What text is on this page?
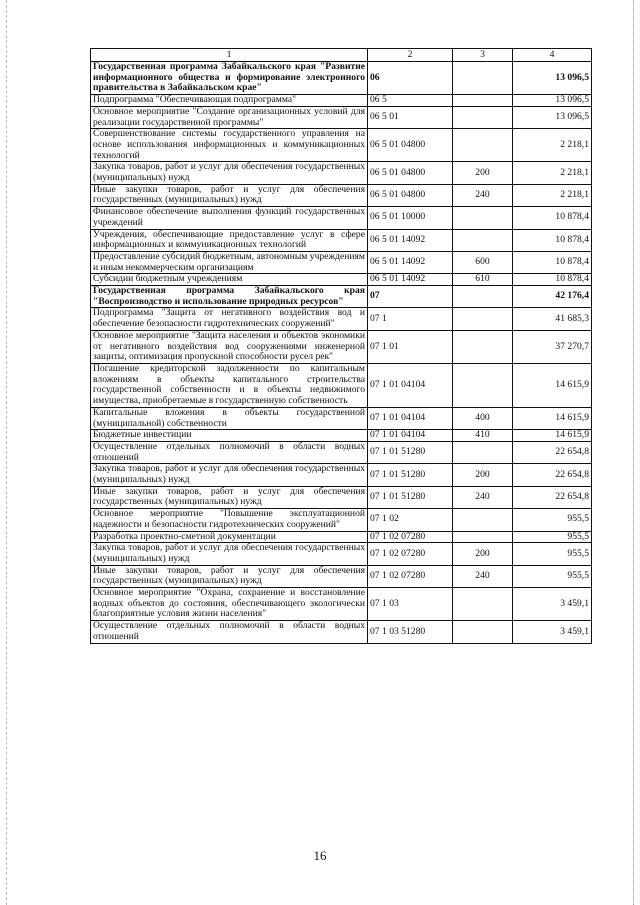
1	2	3	4
Государственная программа Забайкальского края "Развитие информационного общества и формирование электронного правительства в Забайкальском крае"	06		13 096,5
Подпрограмма "Обеспечивающая подпрограмма"	06 5		13 096,5
Основное мероприятие "Создание организационных условий для реализации государственной программы"	06 5 01		13 096,5
Совершенствование системы государственного управления на основе использования информационных и коммуникационных технологий	06 5 01 04800		2 218,1
Закупка товаров, работ и услуг для обеспечения государственных (муниципальных) нужд	06 5 01 04800	200	2 218,1
Иные закупки товаров, работ и услуг для обеспечения государственных (муниципальных) нужд	06 5 01 04800	240	2 218,1
Финансовое обеспечение выполнения функций государственных учреждений	06 5 01 10000		10 878,4
Учреждения, обеспечивающие предоставление услуг в сфере информационных и коммуникационных технологий	06 5 01 14092		10 878,4
Предоставление субсидий бюджетным, автономным учреждениям и иным некоммерческим организациям	06 5 01 14092	600	10 878,4
Субсидии бюджетным учреждениям	06 5 01 14092	610	10 878,4
Государственная программа Забайкальского края "Воспроизводство и использование природных ресурсов"	07		42 176,4
Подпрограмма "Защита от негативного воздействия вод и обеспечение безопасности гидротехнических сооружений"	07 1		41 685,3
Основное мероприятие "Защита населения и объектов экономики от негативного воздействия вод сооружениями инженерной защиты, оптимизация пропускной способности русел рек"	07 1 01		37 270,7
Погашение кредиторской задолженности по капитальным вложениям в объекты капитального строительства государственной собственности и в объекты недвижимого имущества, приобретаемые в государственную собственность	07 1 01 04104		14 615,9
Капитальные вложения в объекты государственной (муниципальной) собственности	07 1 01 04104	400	14 615,9
Бюджетные инвестиции	07 1 01 04104	410	14 615,9
Осуществление отдельных полномочий в области водных отношений	07 1 01 51280		22 654,8
Закупка товаров, работ и услуг для обеспечения государственных (муниципальных) нужд	07 1 01 51280	200	22 654,8
Иные закупки товаров, работ и услуг для обеспечения государственных (муниципальных) нужд	07 1 01 51280	240	22 654,8
Основное мероприятие "Повышение эксплуатационной надежности и безопасности гидротехнических сооружений"	07 1 02		955,5
Разработка проектно-сметной документации	07 1 02 07280		955,5
Закупка товаров, работ и услуг для обеспечения государственных (муниципальных) нужд	07 1 02 07280	200	955,5
Иные закупки товаров, работ и услуг для обеспечения государственных (муниципальных) нужд	07 1 02 07280	240	955,5
Основное мероприятие "Охрана, сохранение и восстановление водных объектов до состояния, обеспечивающего экологически благоприятные условия жизни населения"	07 1 03		3 459,1
Осуществление отдельных полномочий в области водных отношений	07 1 03 51280		3 459,1
16
